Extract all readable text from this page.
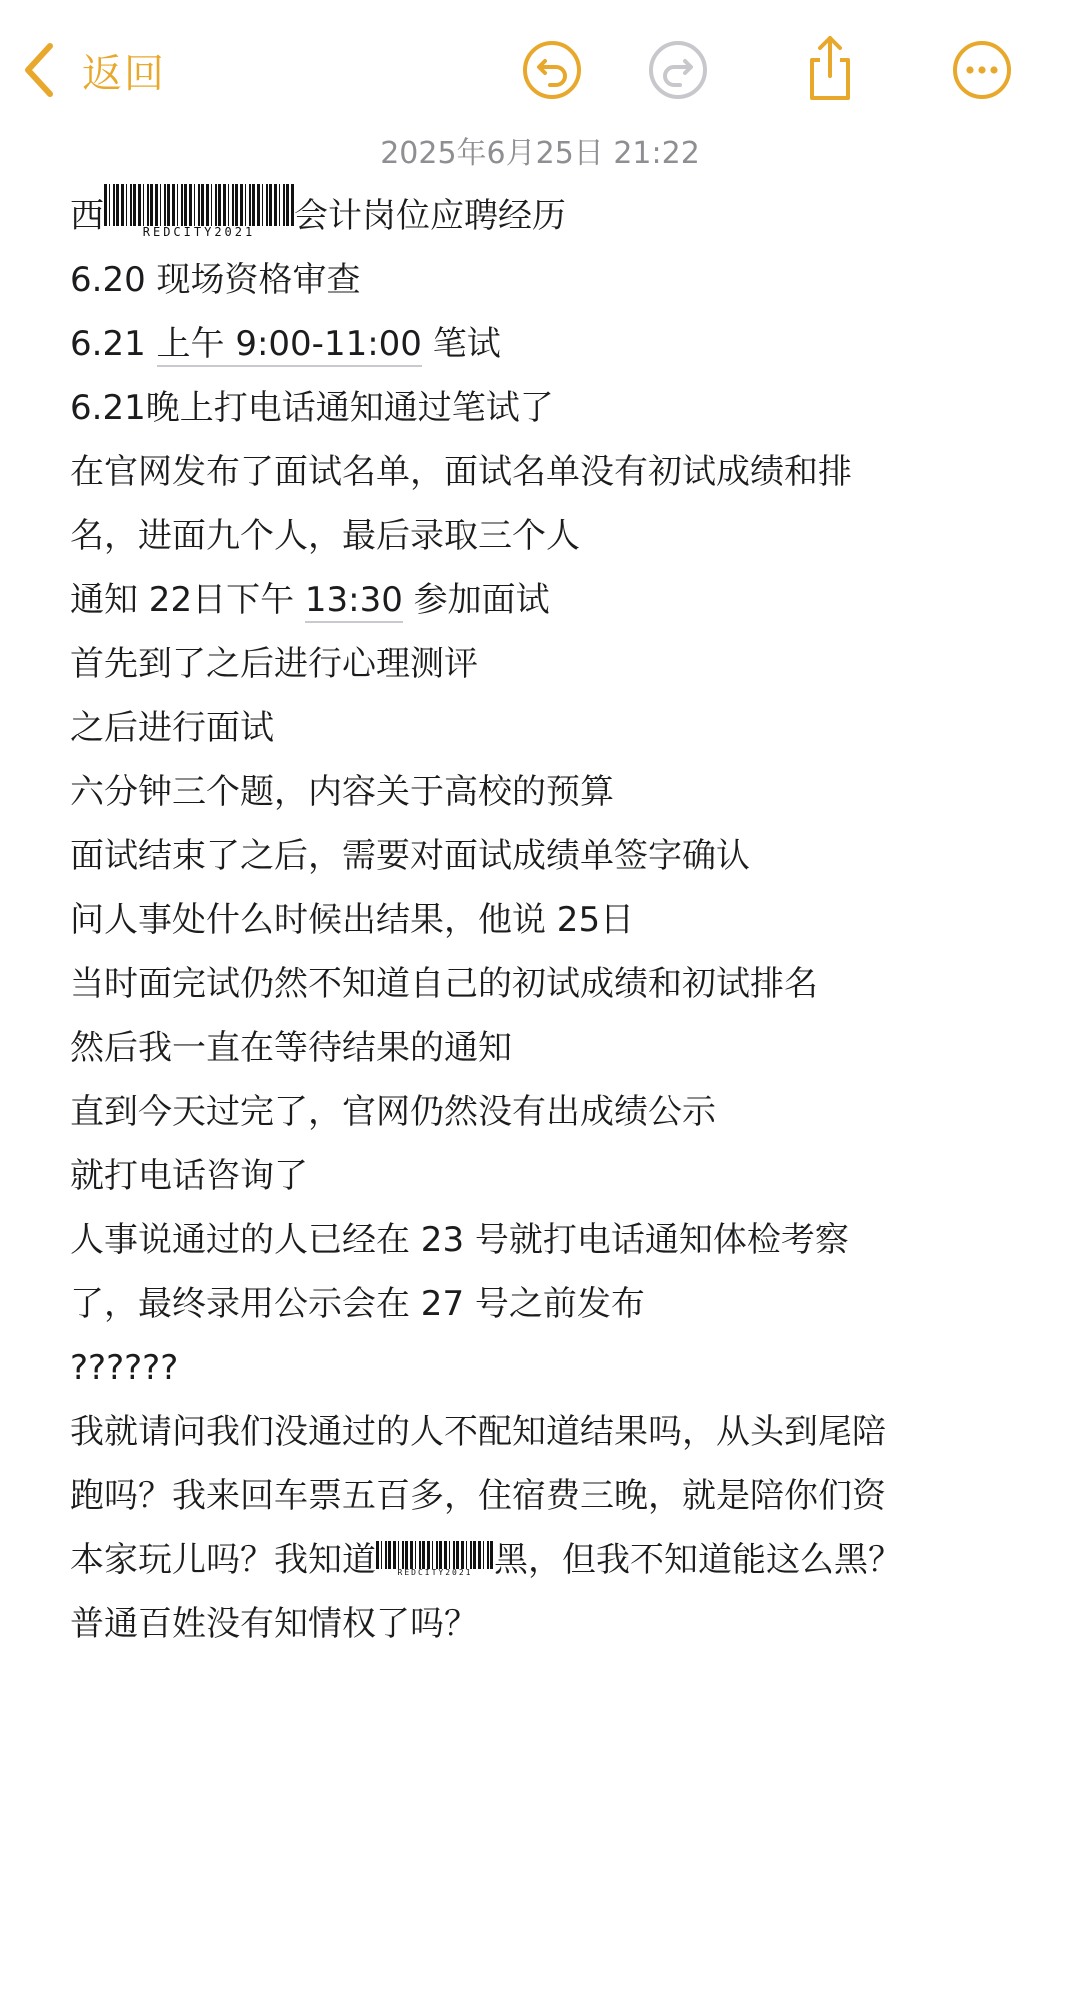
返回
2025年6月25日 21:22
西	REDCITY2021	会计岗位应聘经历
6.20 现场资格审查
6.21 上午 9:00-11:00 笔试
6.21晚上打电话通知通过笔试了
在官网发布了面试名单，面试名单没有初试成绩和排
名，进面九个人，最后录取三个人
通知 22日下午 13:30 参加面试
首先到了之后进行心理测评
之后进行面试
六分钟三个题，内容关于高校的预算
面试结束了之后，需要对面试成绩单签字确认
问人事处什么时候出结果，他说 25日
当时面完试仍然不知道自己的初试成绩和初试排名
然后我一直在等待结果的通知
直到今天过完了，官网仍然没有出成绩公示
就打电话咨询了
人事说通过的人已经在 23 号就打电话通知体检考察
了，最终录用公示会在 27 号之前发布
??????
我就请问我们没通过的人不配知道结果吗，从头到尾陪
跑吗？我来回车票五百多，住宿费三晚，就是陪你们资
本家玩儿吗？我知道	REDCITY2021 黑，但我不知道能这么黑？
普通百姓没有知情权了吗？
